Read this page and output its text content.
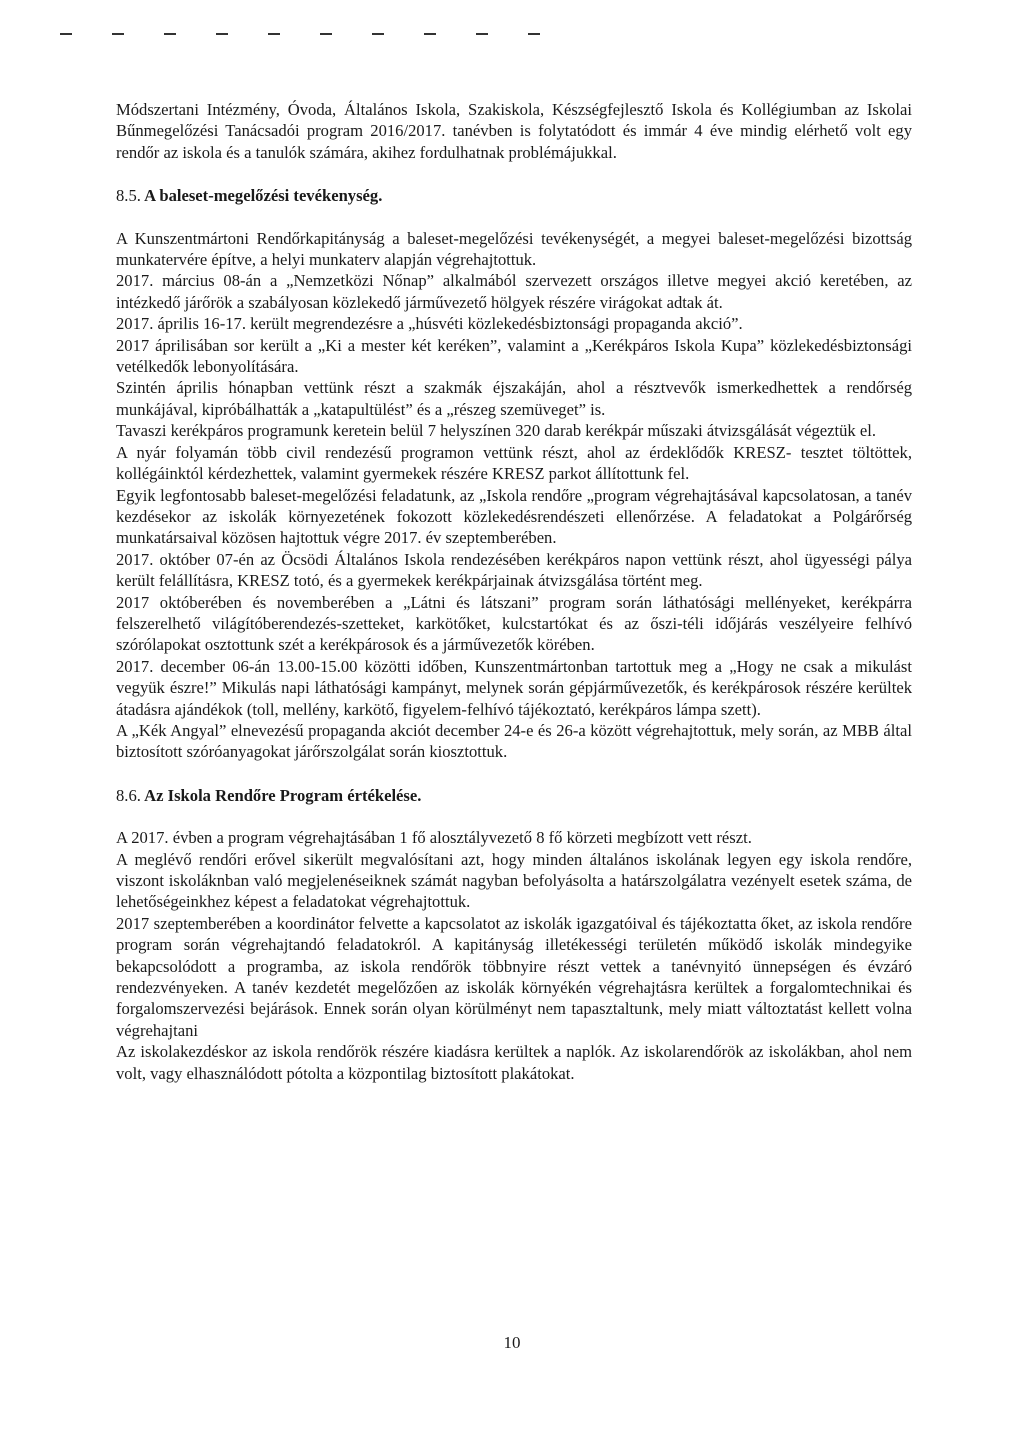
Módszertani Intézmény, Óvoda, Általános Iskola, Szakiskola, Készségfejlesztő Iskola és Kollégiumban az Iskolai Bűnmegelőzési Tanácsadói program 2016/2017. tanévben is folytatódott és immár 4 éve mindig elérhető volt egy rendőr az iskola és a tanulók számára, akihez fordulhatnak problémájukkal.

8.5. A baleset-megelőzési tevékenység.

A Kunszentmártoni Rendőrkapitányság a baleset-megelőzési tevékenységét, a megyei baleset-megelőzési bizottság munkatervére építve, a helyi munkaterv alapján végrehajtottuk.

2017. március 08-án a „Nemzetközi Nőnap” alkalmából szervezett országos illetve megyei akció keretében, az intézkedő járőrök a szabályosan közlekedő járművezető hölgyek részére virágokat adtak át.

2017. április 16-17. került megrendezésre a „húsvéti közlekedésbiztonsági propaganda akció”.

2017 áprilisában sor került a „Ki a mester két keréken”, valamint a „Kerékpáros Iskola Kupa” közlekedésbiztonsági vetélkedők lebonyolítására.

Szintén április hónapban vettünk részt a szakmák éjszakáján, ahol a résztvevők ismerkedhettek a rendőrség munkájával, kipróbálhatták a „katapultülést” és a „részeg szemüveget” is.

Tavaszi kerékpáros programunk keretein belül 7 helyszínen 320 darab kerékpár műszaki átvizsgálását végeztük el.

A nyár folyamán több civil rendezésű programon vettünk részt, ahol az érdeklődők KRESZ- tesztet töltöttek, kollégáinktól kérdezhettek, valamint gyermekek részére KRESZ parkot állítottunk fel.

Egyik legfontosabb baleset-megelőzési feladatunk, az „Iskola rendőre „program végrehajtásával kapcsolatosan, a tanév kezdésekor az iskolák környezetének fokozott közlekedésrendészeti ellenőrzése. A feladatokat a Polgárőrség munkatársaival közösen hajtottuk végre 2017. év szeptemberében.

2017. október 07-én az Öcsödi Általános Iskola rendezésében kerékpáros napon vettünk részt, ahol ügyességi pálya került felállításra, KRESZ totó, és a gyermekek kerékpárjainak átvizsgálása történt meg.

2017 októberében és novemberében a „Látni és látszani” program során láthatósági mellényeket, kerékpárra felszerelhető világítóberendezés-szetteket, karkötőket, kulcstartókat és az őszi-téli időjárás veszélyeire felhívó szórólapokat osztottunk szét a kerékpárosok és a járművezetők körében.

2017. december 06-án 13.00-15.00 közötti időben, Kunszentmártonban tartottuk meg a „Hogy ne csak a mikulást vegyük észre!” Mikulás napi láthatósági kampányt, melynek során gépjárművezetők, és kerékpárosok részére kerültek átadásra ajándékok (toll, mellény, karkötő, figyelem-felhívó tájékoztató, kerékpáros lámpa szett).

A „Kék Angyal” elnevezésű propaganda akciót december 24-e és 26-a között végrehajtottuk, mely során, az MBB által biztosított szóróanyagokat járőrszolgálat során kiosztottuk.

8.6. Az Iskola Rendőre Program értékelése.

A 2017. évben a program végrehajtásában 1 fő alosztályvezető 8 fő körzeti megbízott vett részt.

A meglévő rendőri erővel sikerült megvalósítani azt, hogy minden általános iskolának legyen egy iskola rendőre, viszont iskoláknban való megjelenéseiknek számát nagyban befolyásolta a határszolgálatra vezényelt esetek száma, de lehetőségeinkhez képest a feladatokat végrehajtottuk.

2017 szeptemberében a koordinátor felvette a kapcsolatot az iskolák igazgatóival és tájékoztatta őket, az iskola rendőre program során végrehajtandó feladatokról. A kapitányság illetékességi területén működő iskolák mindegyike bekapcsolódott a programba, az iskola rendőrök többnyire részt vettek a tanévnyitó ünnepségen és évzáró rendezvényeken. A tanév kezdetét megelőzően az iskolák környékén végrehajtásra kerültek a forgalomtechnikai és forgalomszervezési bejárások. Ennek során olyan körülményt nem tapasztaltunk, mely miatt változtatást kellett volna végrehajtani

Az iskolakezdéskor az iskola rendőrök részére kiadásra kerültek a naplók. Az iskolarendőrök az iskolákban, ahol nem volt, vagy elhasználódott pótolta a központilag biztosított plakátokat.

10
